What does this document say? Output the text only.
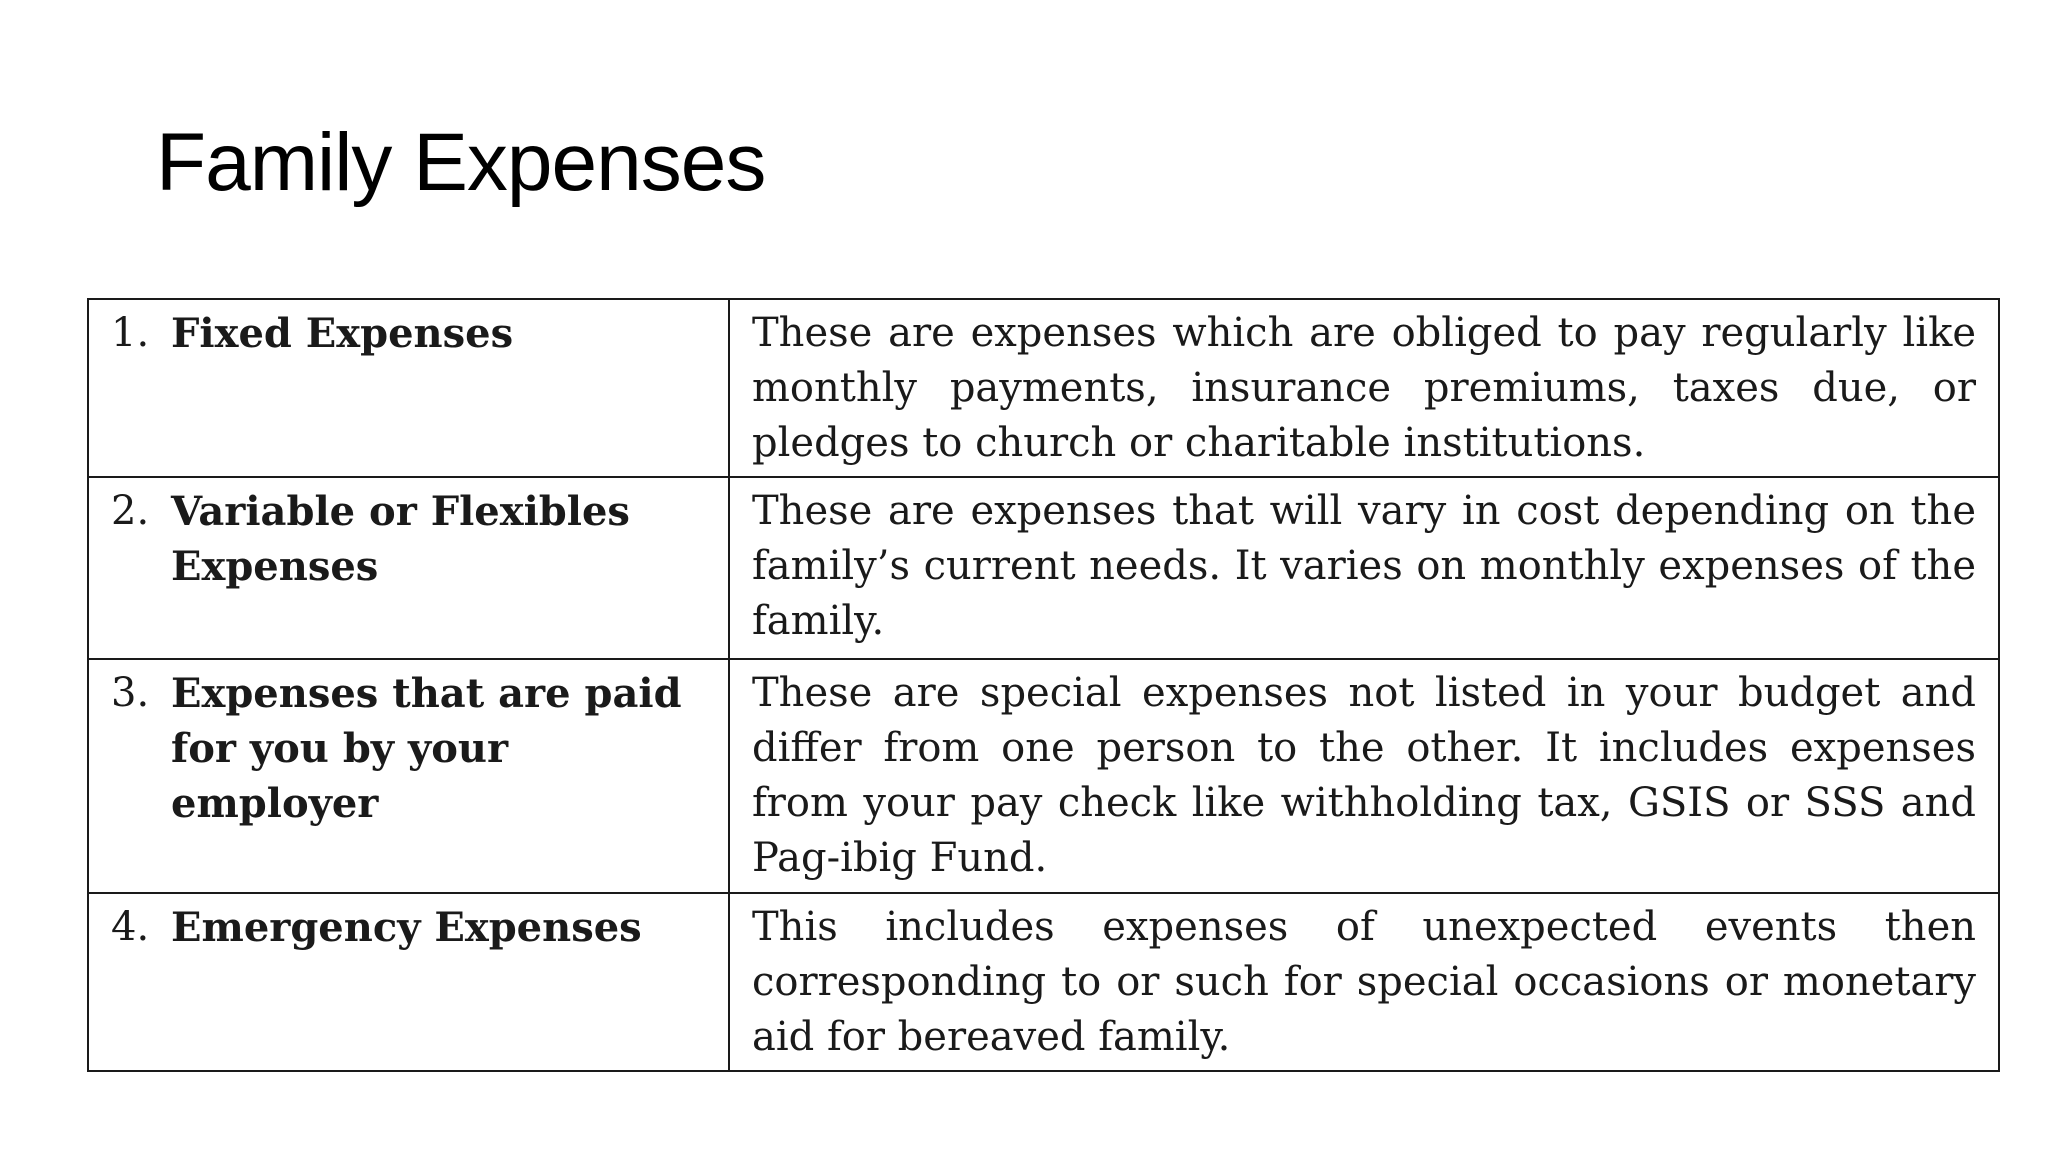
Family Expenses
1. Fixed Expenses	These are expenses which are obliged to pay regularly like monthly payments, insurance premiums, taxes due, or pledges to church or charitable institutions.

2. Variable or Flexibles Expenses	These are expenses that will vary in cost depending on the family’s current needs. It varies on monthly expenses of the family.

3. Expenses that are paid for you by your employer	These are special expenses not listed in your budget and differ from one person to the other. It includes expenses from your pay check like withholding tax, GSIS or SSS and Pag-ibig Fund.

4. Emergency Expenses	This includes expenses of unexpected events then corresponding to or such for special occasions or monetary aid for bereaved family.
